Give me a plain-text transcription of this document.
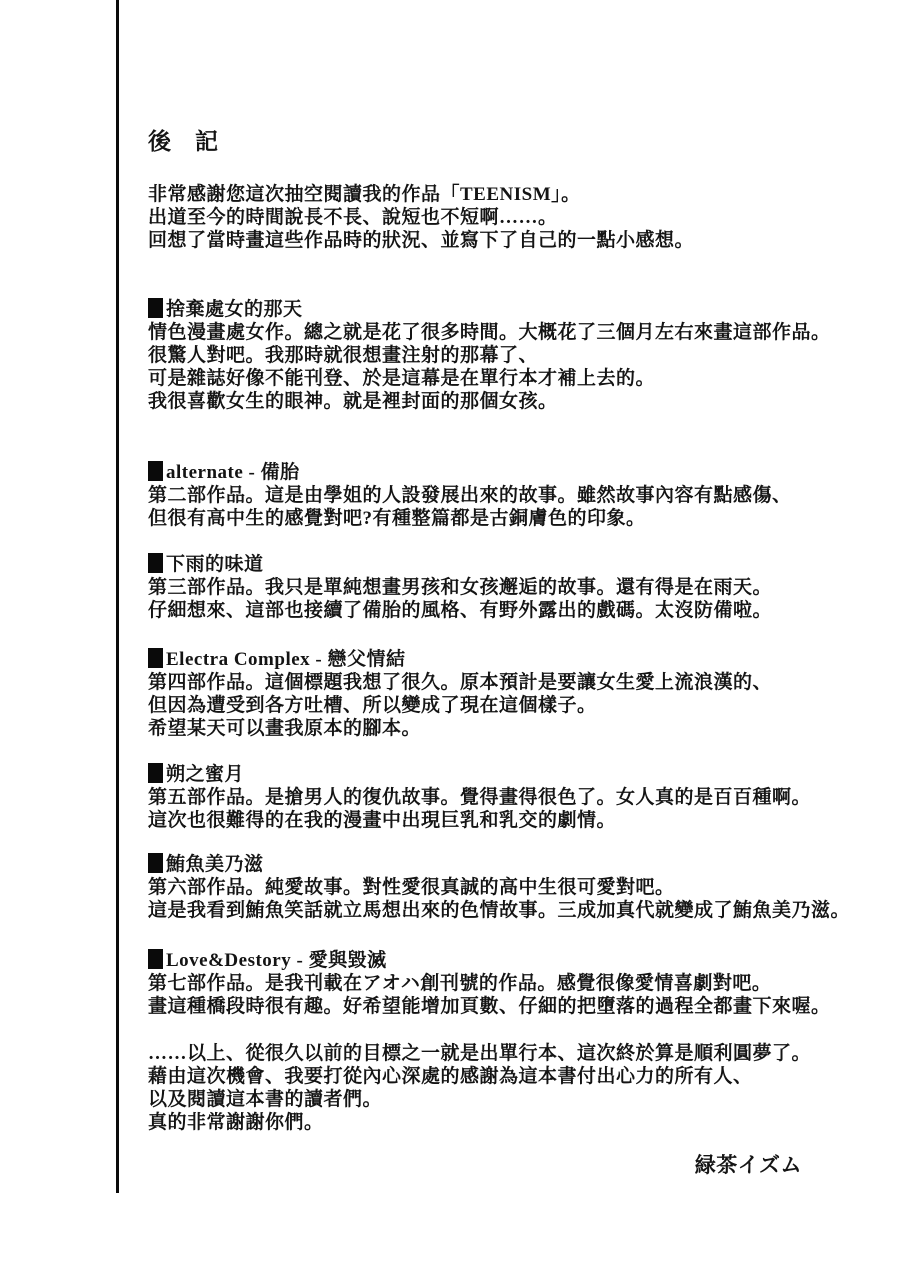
後　記
非常感謝您這次抽空閱讀我的作品「TEENISM」。
出道至今的時間說長不長、說短也不短啊……。
回想了當時畫這些作品時的狀況、並寫下了自己的一點小感想。
捨棄處女的那天
情色漫畫處女作。總之就是花了很多時間。大概花了三個月左右來畫這部作品。
很驚人對吧。我那時就很想畫注射的那幕了、
可是雜誌好像不能刊登、於是這幕是在單行本才補上去的。
我很喜歡女生的眼神。就是裡封面的那個女孩。
alternate - 備胎
第二部作品。這是由學姐的人設發展出來的故事。雖然故事內容有點感傷、
但很有高中生的感覺對吧?有種整篇都是古銅膚色的印象。
下雨的味道
第三部作品。我只是單純想畫男孩和女孩邂逅的故事。還有得是在雨天。
仔細想來、這部也接續了備胎的風格、有野外露出的戲碼。太沒防備啦。
Electra Complex - 戀父情結
第四部作品。這個標題我想了很久。原本預計是要讓女生愛上流浪漢的、
但因為遭受到各方吐槽、所以變成了現在這個樣子。
希望某天可以畫我原本的腳本。
朔之蜜月
第五部作品。是搶男人的復仇故事。覺得畫得很色了。女人真的是百百種啊。
這次也很難得的在我的漫畫中出現巨乳和乳交的劇情。
鮪魚美乃滋
第六部作品。純愛故事。對性愛很真誠的高中生很可愛對吧。
這是我看到鮪魚笑話就立馬想出來的色情故事。三成加真代就變成了鮪魚美乃滋。
Love&Destory - 愛與毀滅
第七部作品。是我刊載在アオハ創刊號的作品。感覺很像愛情喜劇對吧。
畫這種橋段時很有趣。好希望能增加頁數、仔細的把墮落的過程全都畫下來喔。
……以上、從很久以前的目標之一就是出單行本、這次終於算是順利圓夢了。
藉由這次機會、我要打從內心深處的感謝為這本書付出心力的所有人、
以及閱讀這本書的讀者們。
真的非常謝謝你們。
緑茶イズム
